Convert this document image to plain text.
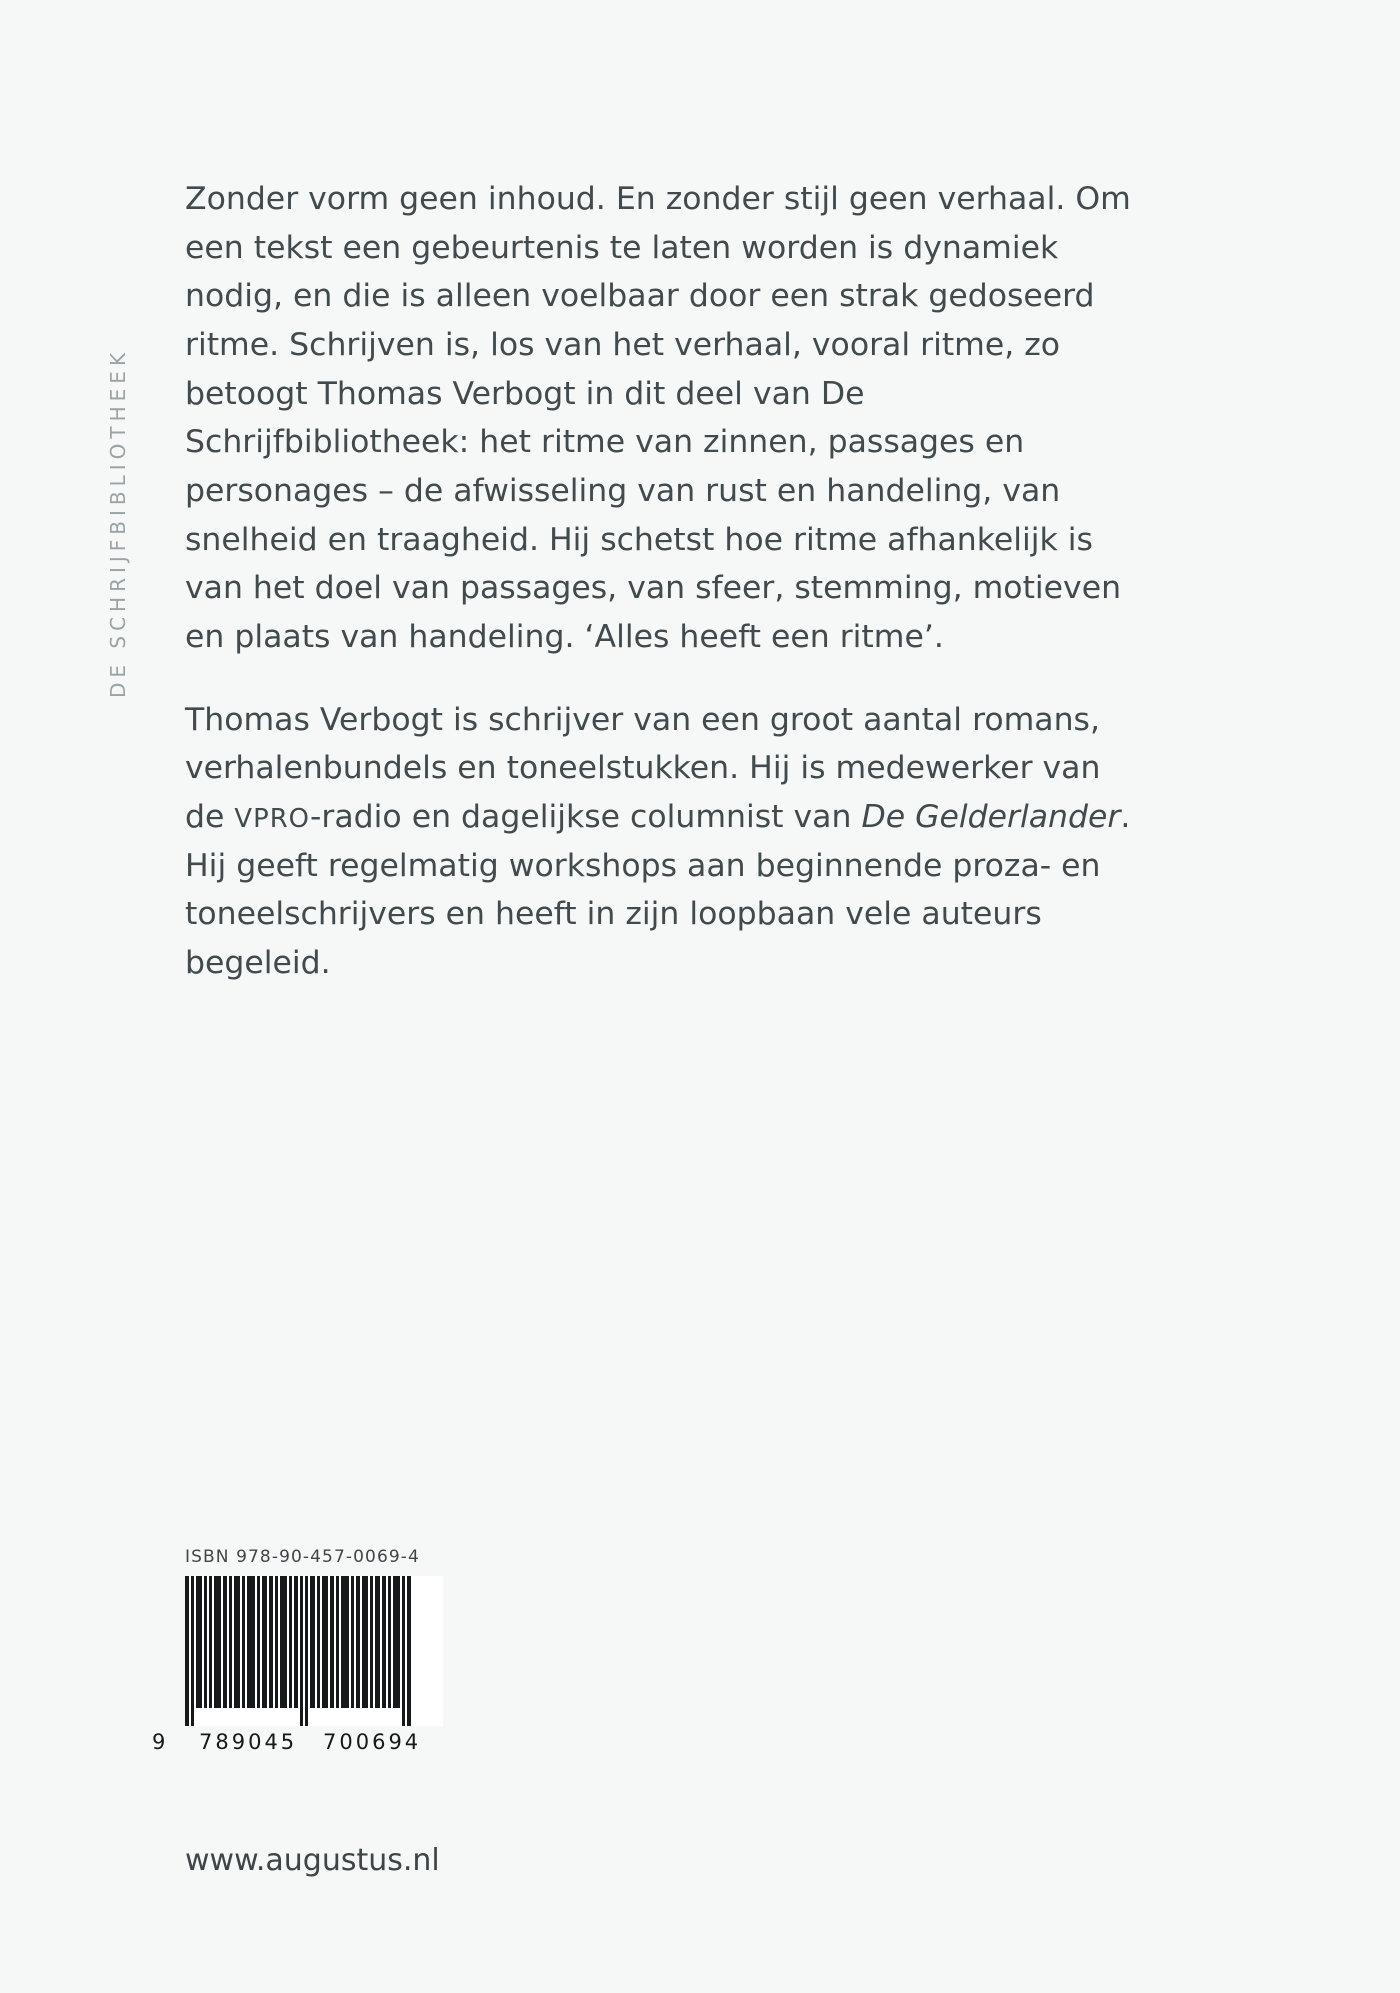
DE SCHRIJFBIBLIOTHEEK

Zonder vorm geen inhoud. En zonder stijl geen verhaal. Om een tekst een gebeurtenis te laten worden is dynamiek nodig, en die is alleen voelbaar door een strak gedoseerd ritme. Schrijven is, los van het verhaal, vooral ritme, zo betoogt Thomas Verbogt in dit deel van De Schrijfbibliotheek: het ritme van zinnen, passages en personages – de afwisseling van rust en handeling, van snelheid en traagheid. Hij schetst hoe ritme afhankelijk is van het doel van passages, van sfeer, stemming, motieven en plaats van handeling. ‘Alles heeft een ritme’.

Thomas Verbogt is schrijver van een groot aantal romans, verhalenbundels en toneelstukken. Hij is medewerker van de VPRO-radio en dagelijkse columnist van De Gelderlander. Hij geeft regelmatig workshops aan beginnende proza- en toneelschrijvers en heeft in zijn loopbaan vele auteurs begeleid.

ISBN 978-90-457-0069-4
9 789045 700694
www.augustus.nl
